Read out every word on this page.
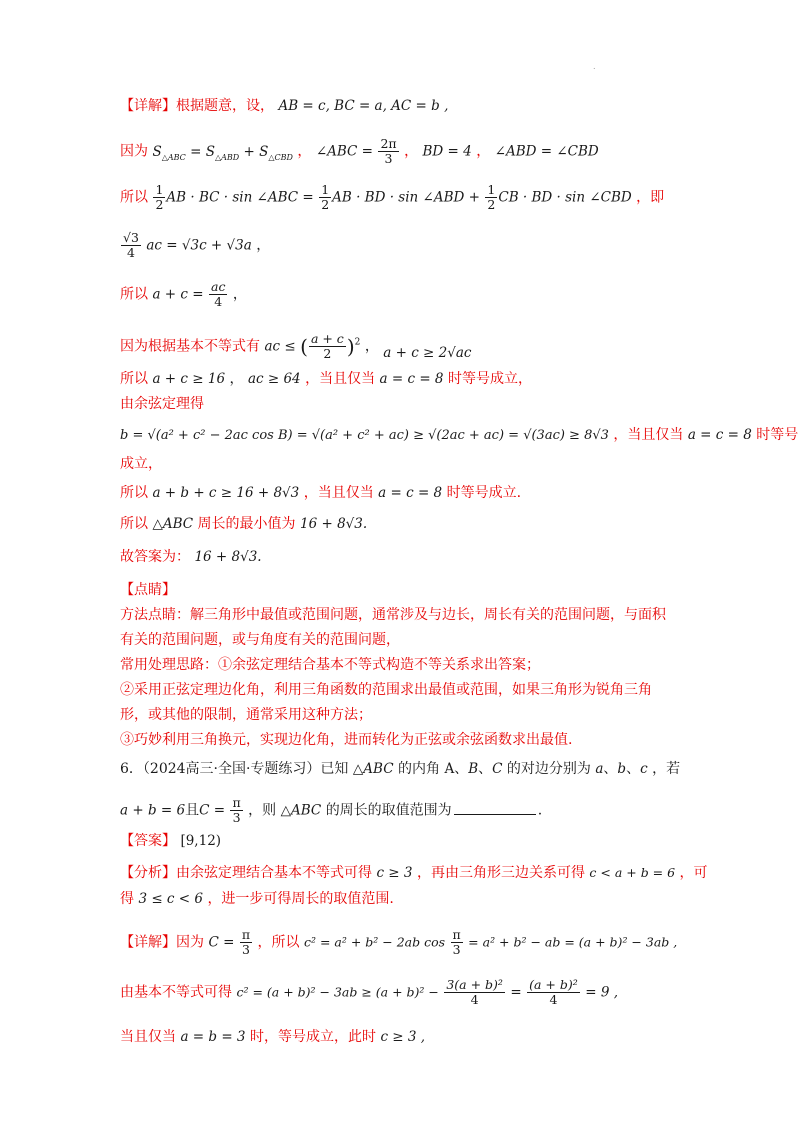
.
【详解】根据题意，设， AB = c, BC = a, AC = b ,
因为 $S_{\triangle ABC} = S_{\triangle ABD} + S_{\triangle CBD}$ ， ∠ABC = $\frac{2\pi}{3}$ ， BD = 4 ， ∠ABD = ∠CBD
所以 $\frac{1}{2}$ AB · BC · sin ∠ABC = $\frac{1}{2}$ AB · BD · sin ∠ABD + $\frac{1}{2}$ CB · BD · sin ∠CBD ，即
$\frac{√3}{4}$ ac = √3c + √3a ，
所以 $a + c = \frac{ac}{4}$ ，
因为根据基本不等式有 ac ≤ ( $\frac{a + c}{2} )^2$ ， a + c ≥ 2√ac
所以 a + c ≥ 16 ， ac ≥ 64 ，当且仅当 a = c = 8 时等号成立，
由余弦定理得
b = √(a² + c² − 2ac cos B) = √(a² + c² + ac) ≥ √(2ac + ac) = √(3ac) ≥ 8√3 ，当且仅当 a = c = 8 时等号
成立，
所以 a + b + c ≥ 16 + 8√3 ，当且仅当 a = c = 8 时等号成立.
所以 △ABC 周长的最小值为 16 + 8√3.
故答案为： 16 + 8√3.
【点睛】
方法点睛：解三角形中最值或范围问题，通常涉及与边长，周长有关的范围问题，与面积
有关的范围问题，或与角度有关的范围问题，
常用处理思路：①余弦定理结合基本不等式构造不等关系求出答案；
②采用正弦定理边化角，利用三角函数的范围求出最值或范围，如果三角形为锐角三角
形，或其他的限制，通常采用这种方法；
③巧妙利用三角换元，实现边化角，进而转化为正弦或余弦函数求出最值.
6．（2024高三·全国·专题练习）已知 △ABC 的内角 A、B、C 的对边分别为 a、b、c ，若
a + b = 6且$C = \frac{\pi}{3}$ ，则 △ABC 的周长的取值范围为	.
【答案】 [9,12)
【分析】由余弦定理结合基本不等式可得 c ≥ 3 ，再由三角形三边关系可得 c < a + b = 6 ，可
得 3 ≤ c < 6 ，进一步可得周长的取值范围.
【详解】因为 $C = \frac{\pi}{3}$ ，所以 c² = a² + b² − 2ab $\cos \frac{\pi}{3} = a^2 + b^2$ − ab = (a + b)² − 3ab ,
由基本不等式可得 $c^2 = (a + b)^2 - 3ab \ge (a + b)^2 - \frac{\text{3(a + b)²}}{4} = \frac{\text{(a + b)²}}{4} = 9$ ,
当且仅当 a = b = 3 时，等号成立，此时 c ≥ 3 ,
